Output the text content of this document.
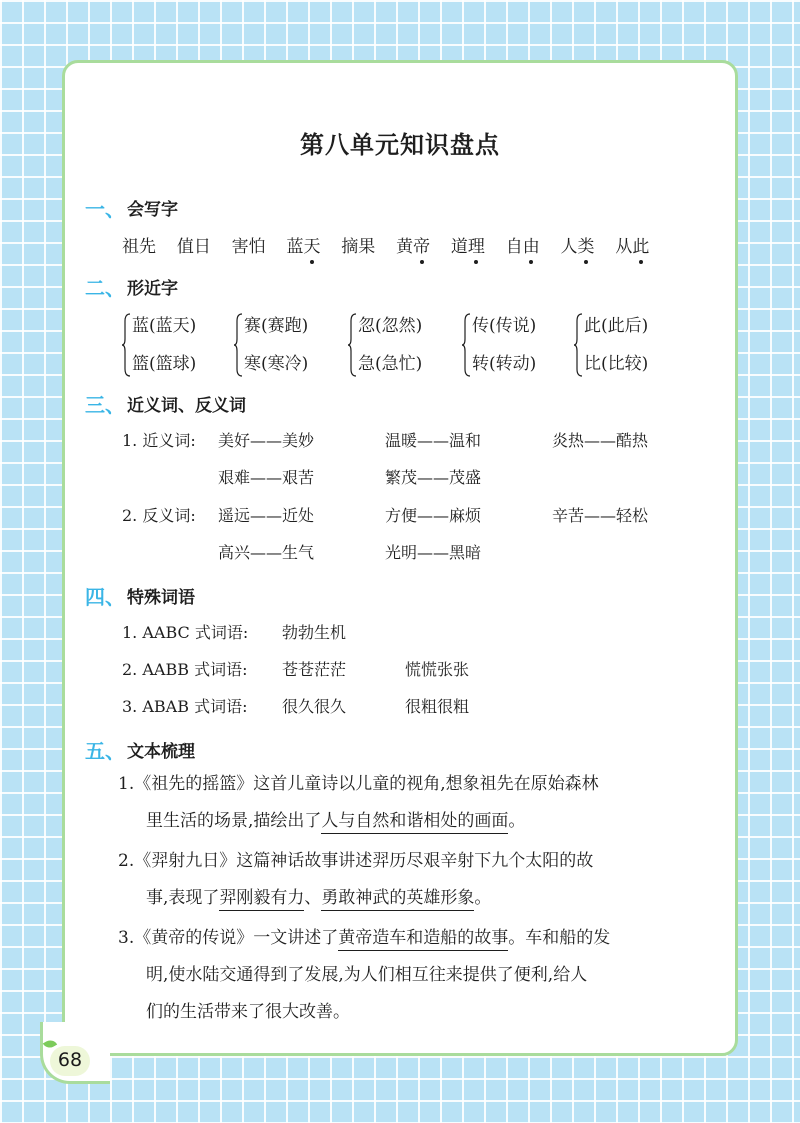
68
第八单元知识盘点
一、 会写字
祖先 值日 害怕 蓝天 摘果 黄帝 道理 自由 人类 从此
二、 形近字
蓝(蓝天)
篮(篮球)
赛(赛跑)
寒(寒冷)
忽(忽然)
急(急忙)
传(传说)
转(转动)
此(此后)
比(比较)
三、 近义词、反义词
1. 近义词: 美好——美妙	温暖——温和	炎热——酷热
艰难——艰苦	繁茂——茂盛
2. 反义词: 遥远——近处	方便——麻烦	辛苦——轻松
高兴——生气	光明——黑暗
四、 特殊词语
1. AABC 式词语: 勃勃生机
2. AABB 式词语: 苍苍茫茫	慌慌张张
3. ABAB 式词语: 很久很久	很粗很粗
五、 文本梳理
1.《祖先的摇篮》这首儿童诗以儿童的视角,想象祖先在原始森林
里生活的场景,描绘出了人与自然和谐相处的画面。
2.《羿射九日》这篇神话故事讲述羿历尽艰辛射下九个太阳的故
事,表现了羿刚毅有力、勇敢神武的英雄形象。
3.《黄帝的传说》一文讲述了黄帝造车和造船的故事。车和船的发
明,使水陆交通得到了发展,为人们相互往来提供了便利,给人
们的生活带来了很大改善。
